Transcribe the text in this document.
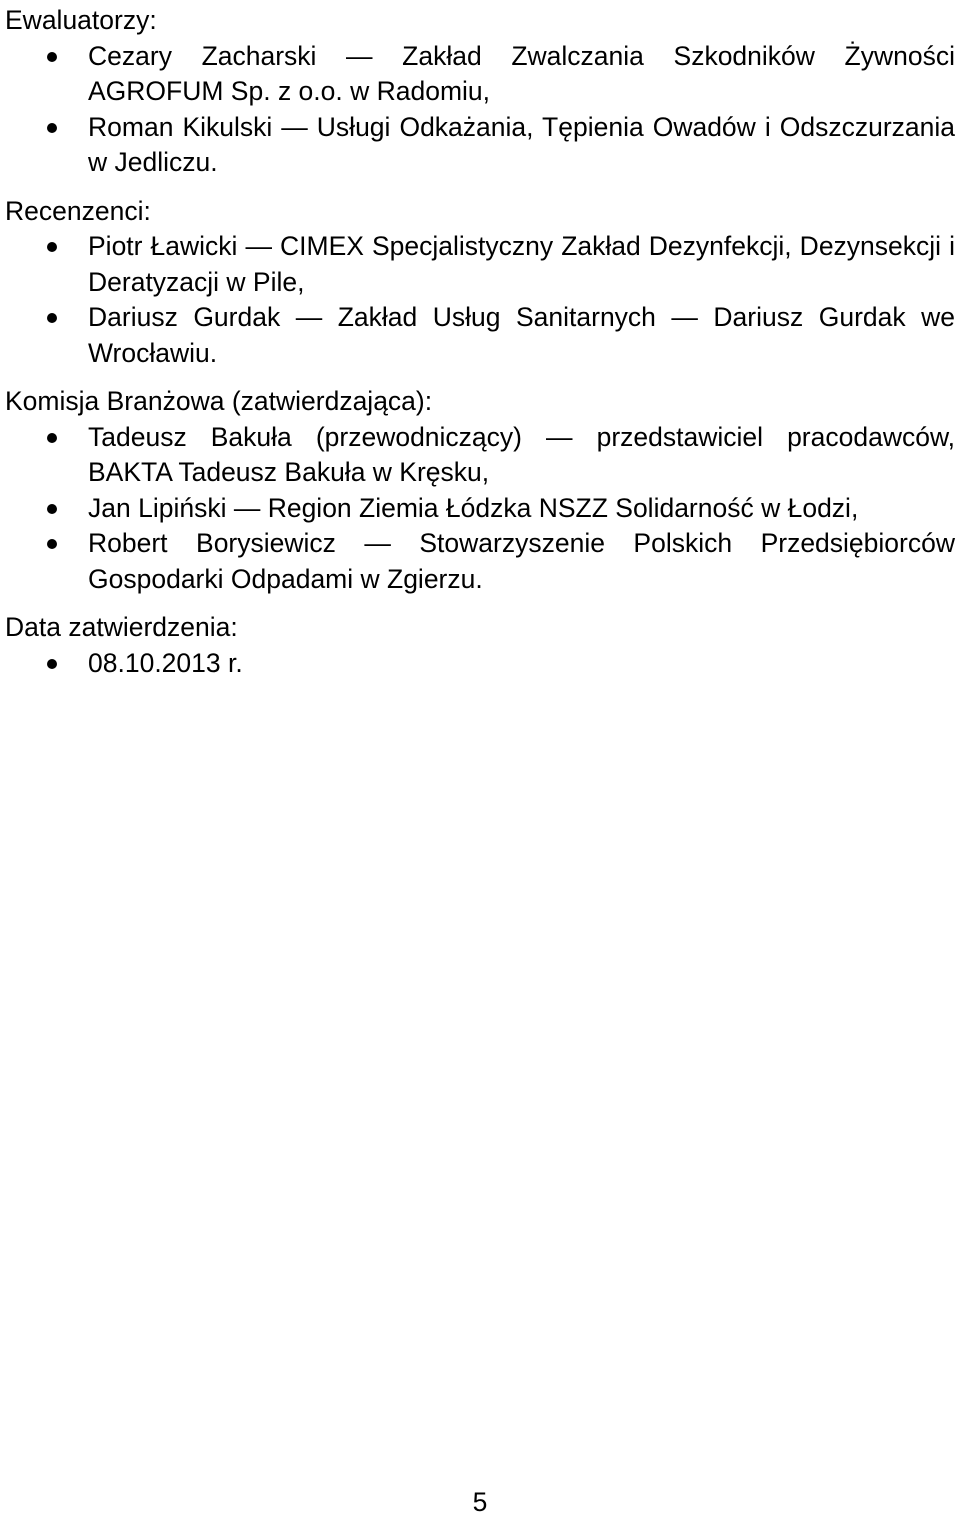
Ewaluatorzy:
Cezary Zacharski — Zakład Zwalczania Szkodników Żywności AGROFUM Sp. z o.o. w Radomiu,
Roman Kikulski — Usługi Odkażania, Tępienia Owadów i Odszczurzania w Jedliczu.
Recenzenci:
Piotr Ławicki — CIMEX Specjalistyczny Zakład Dezynfekcji, Dezynsekcji i Deratyzacji w Pile,
Dariusz Gurdak — Zakład Usług Sanitarnych — Dariusz Gurdak we Wrocławiu.
Komisja Branżowa (zatwierdzająca):
Tadeusz Bakuła (przewodniczący) — przedstawiciel pracodawców, BAKTA Tadeusz Bakuła w Kręsku,
Jan Lipiński — Region Ziemia Łódzka NSZZ Solidarność w Łodzi,
Robert Borysiewicz — Stowarzyszenie Polskich Przedsiębiorców Gospodarki Odpadami w Zgierzu.
Data zatwierdzenia:
08.10.2013 r.
5
